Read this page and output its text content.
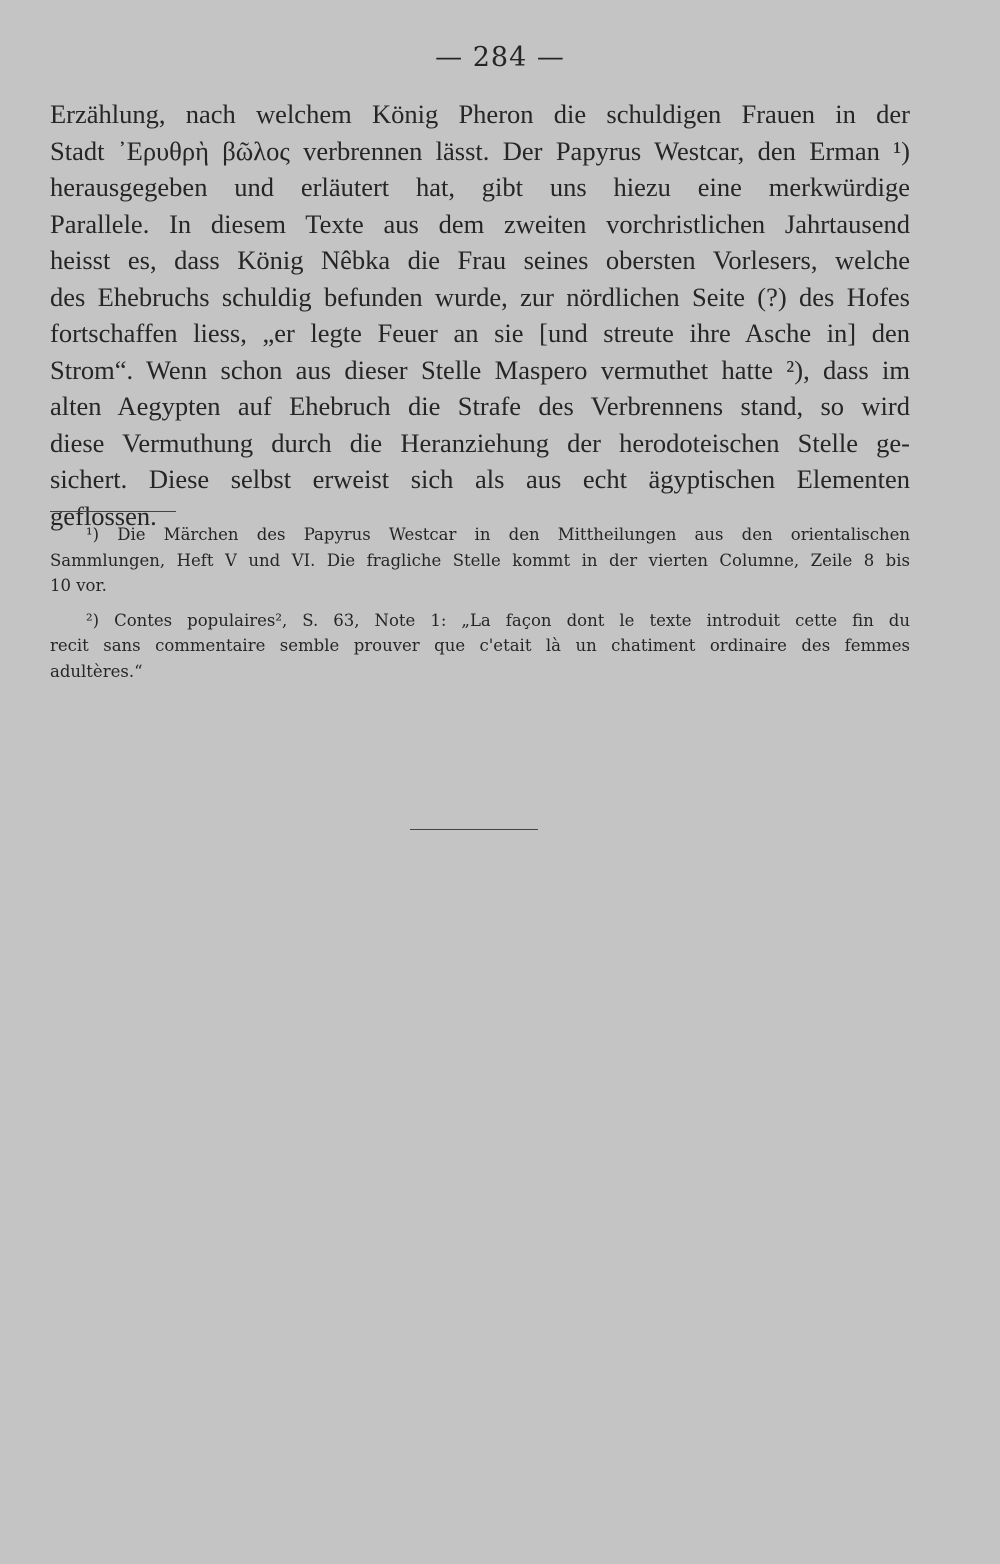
— 284 —
Erzählung, nach welchem König Pheron die schuldigen Frauen in der
Stadt ᾿Ερυθρὴ βῶλος verbrennen lässt. Der Papyrus Westcar, den Erman ¹)
herausgegeben und erläutert hat, gibt uns hiezu eine merkwürdige
Parallele. In diesem Texte aus dem zweiten vorchristlichen Jahrtausend
heisst es, dass König Nêbka die Frau seines obersten Vorlesers, welche
des Ehebruchs schuldig befunden wurde, zur nördlichen Seite (?) des Hofes
fortschaffen liess, „er legte Feuer an sie [und streute ihre Asche in] den
Strom“. Wenn schon aus dieser Stelle Maspero vermuthet hatte ²), dass im
alten Aegypten auf Ehebruch die Strafe des Verbrennens stand, so wird
diese Vermuthung durch die Heranziehung der herodoteischen Stelle ge-
sichert. Diese selbst erweist sich als aus echt ägyptischen Elementen
geflossen.
¹) Die Märchen des Papyrus Westcar in den Mittheilungen aus den orientalischen
Sammlungen, Heft V und VI. Die fragliche Stelle kommt in der vierten Columne, Zeile 8 bis
10 vor.
²) Contes populaires², S. 63, Note 1: „La façon dont le texte introduit cette fin du
recit sans commentaire semble prouver que c'etait là un chatiment ordinaire des femmes
adultères.“
